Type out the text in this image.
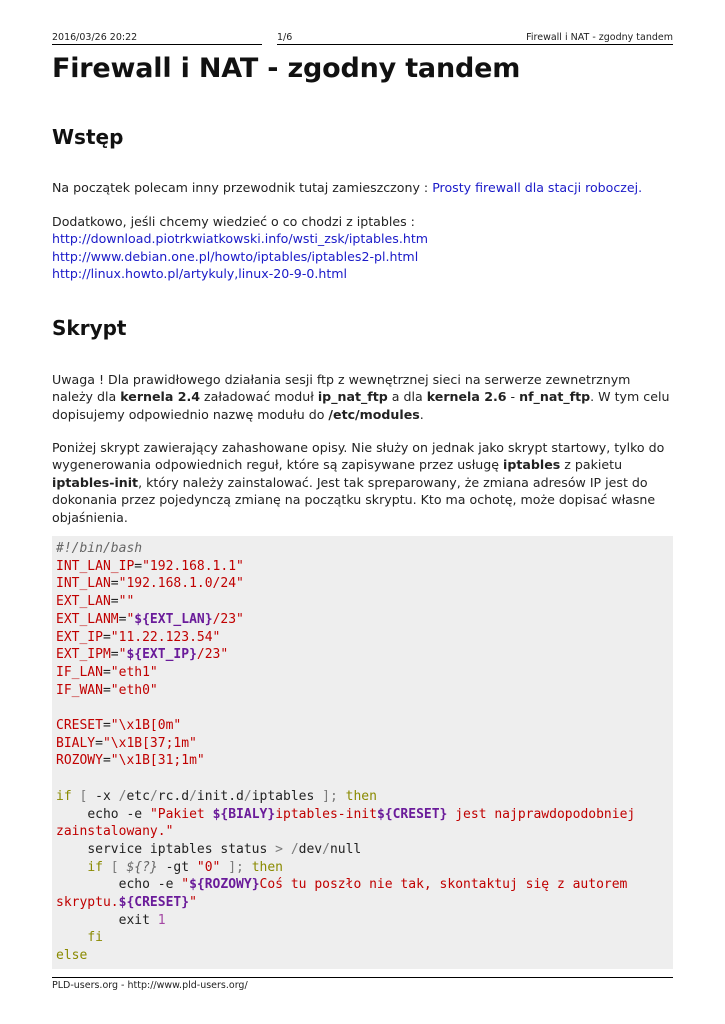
2016/03/26 20:22	1/6	Firewall i NAT - zgodny tandem
Firewall i NAT - zgodny tandem
Wstęp

Na początek polecam inny przewodnik tutaj zamieszczony : Prosty firewall dla stacji roboczej.

Dodatkowo, jeśli chcemy wiedzieć o co chodzi z iptables :
http://download.piotrkwiatkowski.info/wsti_zsk/iptables.htm
http://www.debian.one.pl/howto/iptables/iptables2-pl.html
http://linux.howto.pl/artykuly,linux-20-9-0.html

Skrypt

Uwaga ! Dla prawidłowego działania sesji ftp z wewnętrznej sieci na serwerze zewnetrznym należy dla kernela 2.4 załadować moduł ip_nat_ftp a dla kernela 2.6 - nf_nat_ftp. W tym celu dopisujemy odpowiednio nazwę modułu do /etc/modules.

Poniżej skrypt zawierający zahashowane opisy. Nie służy on jednak jako skrypt startowy, tylko do wygenerowania odpowiednich reguł, które są zapisywane przez usługę iptables z pakietu iptables-init, który należy zainstalować. Jest tak spreparowany, że zmiana adresów IP jest do dokonania przez pojedynczą zmianę na początku skryptu. Kto ma ochotę, może dopisać własne objaśnienia.

#!/bin/bash
INT_LAN_IP="192.168.1.1"
INT_LAN="192.168.1.0/24"
EXT_LAN=""
EXT_LANM="${EXT_LAN}/23"
EXT_IP="11.22.123.54"
EXT_IPM="${EXT_IP}/23"
IF_LAN="eth1"
IF_WAN="eth0"

CRESET="\x1B[0m"
BIALY="\x1B[37;1m"
ROZOWY="\x1B[31;1m"

if [ -x /etc/rc.d/init.d/iptables ]; then
echo -e "Pakiet ${BIALY}iptables-init${CRESET} jest najprawdopodobniej
zainstalowany."
service iptables status > /dev/null
if [ ${?} -gt "0" ]; then
echo -e "${ROZOWY}Coś tu poszło nie tak, skontaktuj się z autorem
skryptu.${CRESET}"
exit 1
fi
else
PLD-users.org - http://www.pld-users.org/
